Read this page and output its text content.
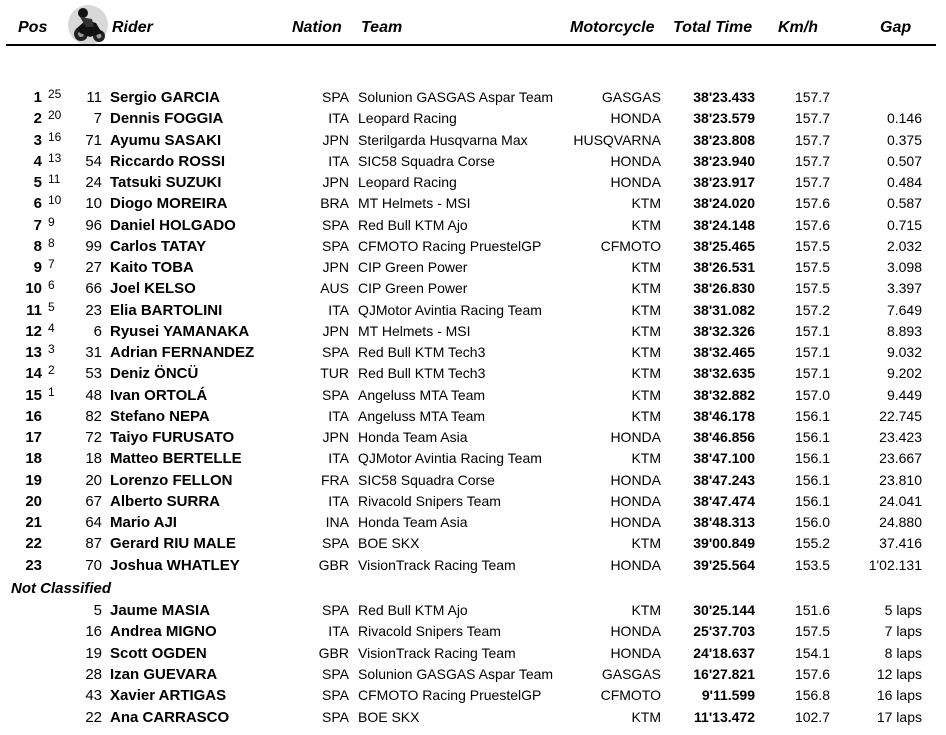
Pos	Rider	Nation Team	Motorcycle Total Time Km/h	Gap
1 25	11 Sergio GARCIA	SPA Solunion GASGAS Aspar Team	GASGAS	38'23.433	157.7
2 20	7 Dennis FOGGIA	ITA Leopard Racing	HONDA	38'23.579	157.7	0.146
3 16	71 Ayumu SASAKI	JPN Sterilgarda Husqvarna Max	HUSQVARNA	38'23.808	157.7	0.375
4 13	54 Riccardo ROSSI	ITA SIC58 Squadra Corse	HONDA	38'23.940	157.7	0.507
5 11	24 Tatsuki SUZUKI	JPN Leopard Racing	HONDA	38'23.917	157.7	0.484
6 10	10 Diogo MOREIRA	BRA MT Helmets - MSI	KTM	38'24.020	157.6	0.587
7 9	96 Daniel HOLGADO	SPA Red Bull KTM Ajo	KTM	38'24.148	157.6	0.715
8 8	99 Carlos TATAY	SPA CFMOTO Racing PruestelGP	CFMOTO	38'25.465	157.5	2.032
9 7	27 Kaito TOBA	JPN CIP Green Power	KTM	38'26.531	157.5	3.098
10 6	66 Joel KELSO	AUS CIP Green Power	KTM	38'26.830	157.5	3.397
11 5	23 Elia BARTOLINI	ITA QJMotor Avintia Racing Team	KTM	38'31.082	157.2	7.649
12 4	6 Ryusei YAMANAKA	JPN MT Helmets - MSI	KTM	38'32.326	157.1	8.893
13 3	31 Adrian FERNANDEZ	SPA Red Bull KTM Tech3	KTM	38'32.465	157.1	9.032
14 2	53 Deniz ÖNCÜ	TUR Red Bull KTM Tech3	KTM	38'32.635	157.1	9.202
15 1	48 Ivan ORTOLÁ	SPA Angeluss MTA Team	KTM	38'32.882	157.0	9.449
16	82 Stefano NEPA	ITA Angeluss MTA Team	KTM	38'46.178	156.1	22.745
17	72 Taiyo FURUSATO	JPN Honda Team Asia	HONDA	38'46.856	156.1	23.423
18	18 Matteo BERTELLE	ITA QJMotor Avintia Racing Team	KTM	38'47.100	156.1	23.667
19	20 Lorenzo FELLON	FRA SIC58 Squadra Corse	HONDA	38'47.243	156.1	23.810
20	67 Alberto SURRA	ITA Rivacold Snipers Team	HONDA	38'47.474	156.1	24.041
21	64 Mario AJI	INA Honda Team Asia	HONDA	38'48.313	156.0	24.880
22	87 Gerard RIU MALE	SPA BOE SKX	KTM	39'00.849	155.2	37.416
23	70 Joshua WHATLEY	GBR VisionTrack Racing Team	HONDA	39'25.564	153.5	1'02.131
Not Classified
5 Jaume MASIA	SPA Red Bull KTM Ajo	KTM	30'25.144	151.6	5 laps
16 Andrea MIGNO	ITA Rivacold Snipers Team	HONDA	25'37.703	157.5	7 laps
19 Scott OGDEN	GBR VisionTrack Racing Team	HONDA	24'18.637	154.1	8 laps
28 Izan GUEVARA	SPA Solunion GASGAS Aspar Team	GASGAS	16'27.821	157.6	12 laps
43 Xavier ARTIGAS	SPA CFMOTO Racing PruestelGP	CFMOTO	9'11.599	156.8	16 laps
22 Ana CARRASCO	SPA BOE SKX	KTM	11'13.472	102.7	17 laps
